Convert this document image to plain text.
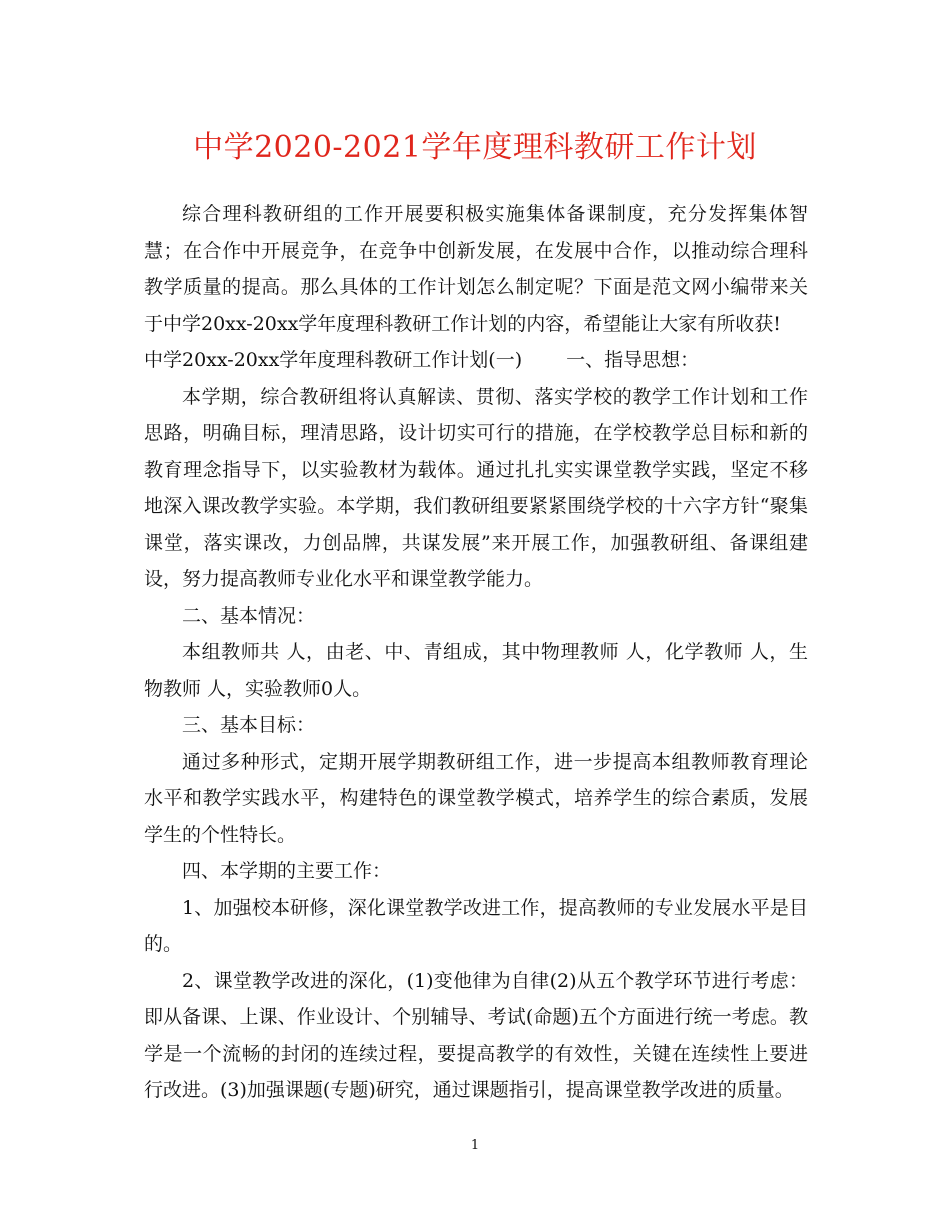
中学2020-2021学年度理科教研工作计划

综合理科教研组的工作开展要积极实施集体备课制度，充分发挥集体智慧；在合作中开展竞争，在竞争中创新发展，在发展中合作，以推动综合理科教学质量的提高。那么具体的工作计划怎么制定呢？下面是范文网小编带来关于中学20xx-20xx学年度理科教研工作计划的内容，希望能让大家有所收获!

中学20xx-20xx学年度理科教研工作计划(一)　　 一、指导思想：

本学期，综合教研组将认真解读、贯彻、落实学校的教学工作计划和工作思路，明确目标，理清思路，设计切实可行的措施，在学校教学总目标和新的教育理念指导下，以实验教材为载体。通过扎扎实实课堂教学实践，坚定不移地深入课改教学实验。本学期，我们教研组要紧紧围绕学校的十六字方针“聚集课堂，落实课改，力创品牌，共谋发展”来开展工作，加强教研组、备课组建设，努力提高教师专业化水平和课堂教学能力。

二、基本情况：

本组教师共 人，由老、中、青组成，其中物理教师 人，化学教师 人，生物教师 人，实验教师0人。

三、基本目标：

通过多种形式，定期开展学期教研组工作，进一步提高本组教师教育理论水平和教学实践水平，构建特色的课堂教学模式，培养学生的综合素质，发展学生的个性特长。

四、本学期的主要工作：

1、加强校本研修，深化课堂教学改进工作，提高教师的专业发展水平是目的。

2、课堂教学改进的深化，(1)变他律为自律(2)从五个教学环节进行考虑：即从备课、上课、作业设计、个别辅导、考试(命题)五个方面进行统一考虑。教学是一个流畅的封闭的连续过程，要提高教学的有效性，关键在连续性上要进行改进。(3)加强课题(专题)研究，通过课题指引，提高课堂教学改进的质量。

1
